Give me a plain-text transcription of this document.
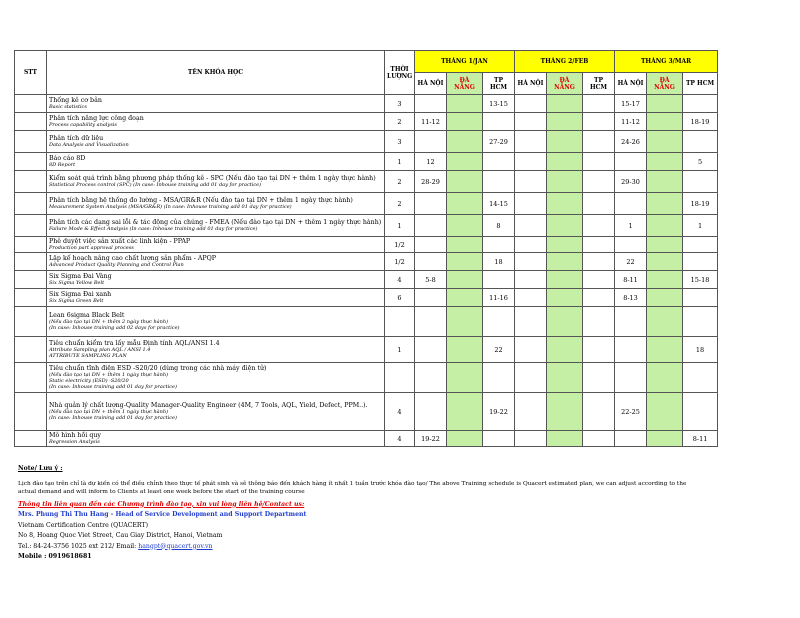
STT	TÊN KHÓA HỌC	THỜI
LƯỢNG	THÁNG 1/JAN			THÁNG 2/FEB			THÁNG 3/MAR		
			HÀ NỘI	ĐÀ NẴNG	TP HCM	HÀ NỘI	ĐÀ NẴNG	TP HCM	HÀ NỘI	ĐÀ NẴNG	TP HCM

	Thống kê cơ bản
Basic statistics	3			13-15				15-17		

	Phân tích năng lực công đoạn
Process capability analysis	2	11-12						11-12		18-19

	Phân tích dữ liệu
Data Analysis and Visualization	3			27-29				24-26		

	Báo cáo 8D
8D Report	1	12								5

	Kiểm soát quá trình bằng phương pháp thống kê - SPC (Nếu đào tạo tại DN + thêm 1 ngày thực hành)
Statistical Process control (SPC) (In case: Inhouse training add 01 day for practice)	2	28-29						29-30		

	Phân tích bằng hệ thống đo lường - MSA/GR&R (Nếu đào tạo tại DN + thêm 1 ngày thực hành)
Measurement System Analysis (MSA/GR&R) (In case: Inhouse training add 01 day for practice)	2			14-15						18-19

	Phân tích các dạng sai lỗi & tác động của chúng - FMEA (Nếu đào tạo tại DN + thêm 1 ngày thực hành)
Failure Mode & Effect Analysis (In case: Inhouse training add 01 day for practice)	1			8				1		1

	Phê duyệt việc sản xuất các linh kiện - PPAP
Production part approval process	1/2									

	Lập kế hoạch nâng cao chất lượng sản phẩm - APQP
Advanced Product Quality Planning and Control Plan	1/2			18				22		

	Six Sigma Đai Vàng
Six Sigma Yellow Belt	4	5-8						8-11		15-18

	Six Sigma Đai xanh
Six Sigma Green Belt	6			11-16				8-13		

	Lean 6sigma Black Belt
(Nếu đào tạo tại DN + thêm 2 ngày thực hành)
(In case: Inhouse training add 02 days for practice)										

	Tiêu chuẩn kiểm tra lấy mẫu Định tính AQL/ANSI 1.4
Attribute Sampling plan AQL / ANSI 1.4
ATTRIBUTE SAMPLING PLAN	1			22						18

	Tiêu chuẩn tĩnh điện ESD -S20/20 (dùng trong các nhà máy điện tử)
(Nếu đào tạo tại DN + thêm 1 ngày thực hành)
Static electricity (ESD) -S20/20
(In case: Inhouse training add 01 day for practice)										

	Nhà quản lý chất lượng-Quality Manager-Quality Engineer (4M, 7 Tools, AQL, Yield, Defect, PPM..).
(Nếu đào tạo tại DN + thêm 1 ngày thực hành)
(In case: Inhouse training add 01 day for practice)	4			19-22				22-25		

	Mô hình hồi quy
Regression Analysis	4	19-22								8-11
Note/ Lưu ý :
Lịch đào tạo trên chỉ là dự kiến có thể điều chỉnh theo thực tế phát sinh và sẽ thông báo đến khách hàng ít nhất 1 tuần trước khóa đào tạo/ The above Training schedule is Quacert estimated plan, we can adjust according to the actual demand and will inform to Clients at least one week before the start of the training course
Thông tin liên quan đến các Chương trình đào tạo, xin vui lòng liên hệ/Contact us:
Mrs. Phung Thi Thu Hang - Head of Service Development and Support Department
Vietnam Certification Centre (QUACERT)
No 8, Hoang Quoc Viet Street, Cau Giay District, Hanoi, Vietnam
Tel.: 84-24-3756 1025 ext 212/ Email: hangpt@quacert.gov.vn
Mobile : 0919618681
